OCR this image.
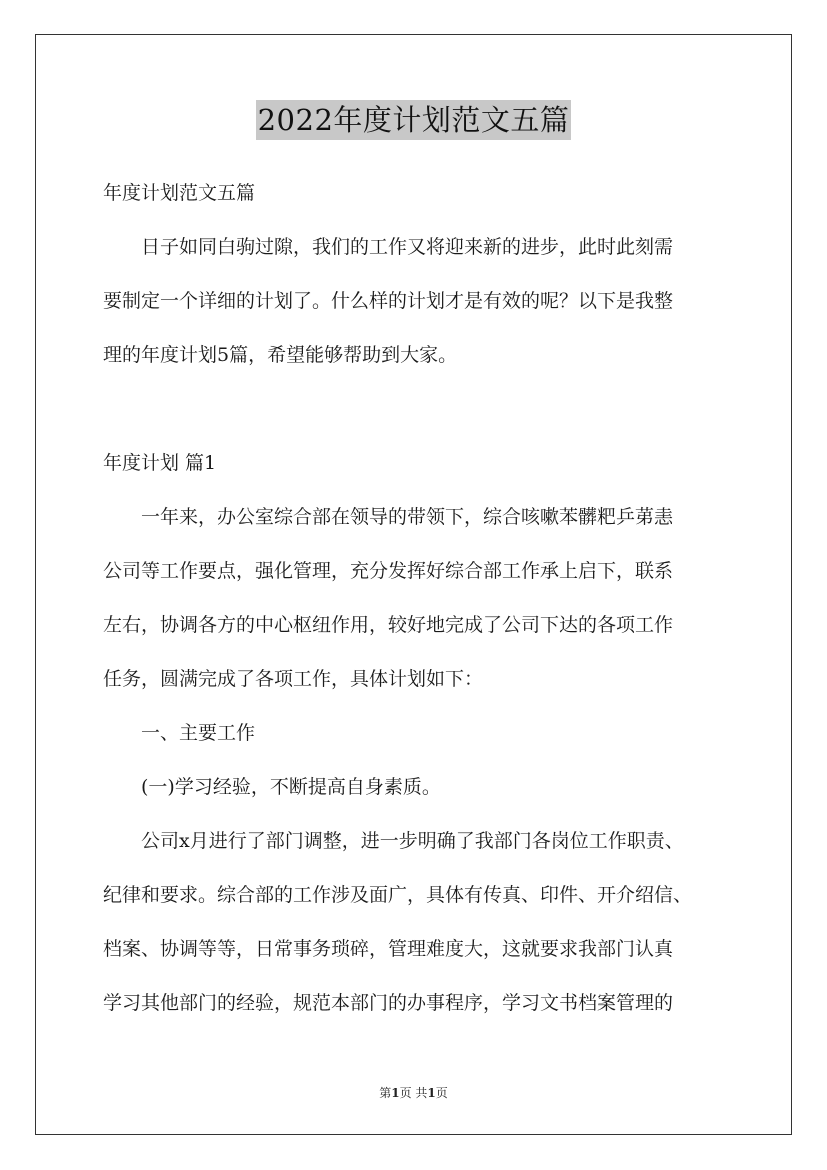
2022年度计划范文五篇
年度计划范文五篇
日子如同白驹过隙，我们的工作又将迎来新的进步，此时此刻需
要制定一个详细的计划了。什么样的计划才是有效的呢？以下是我整
理的年度计划5篇，希望能够帮助到大家。
年度计划 篇1
一年来，办公室综合部在领导的带领下，综合咳嗽苯髒粑乒苐恚
公司等工作要点，强化管理，充分发挥好综合部工作承上启下，联系
左右，协调各方的中心枢纽作用，较好地完成了公司下达的各项工作
任务，圆满完成了各项工作，具体计划如下：
一、主要工作
(一)学习经验，不断提高自身素质。
公司x月进行了部门调整，进一步明确了我部门各岗位工作职责、
纪律和要求。综合部的工作涉及面广，具体有传真、印件、开介绍信、
档案、协调等等，日常事务琐碎，管理难度大，这就要求我部门认真
学习其他部门的经验，规范本部门的办事程序，学习文书档案管理的
第1页 共1页
